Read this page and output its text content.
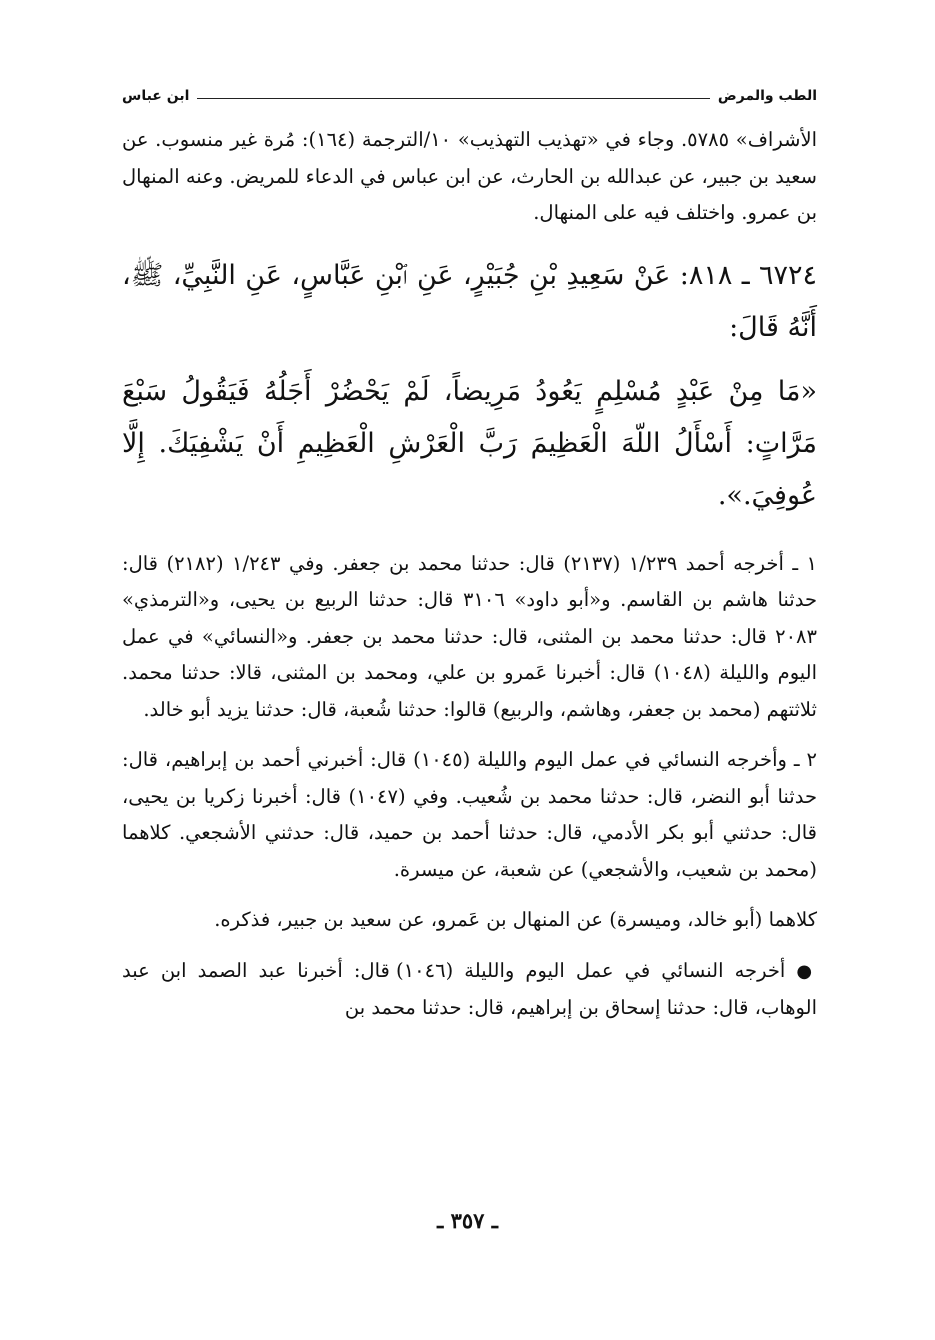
الطب والمرض
ابن عباس

الأشراف» ٥٧٨٥. وجاء في «تهذيب التهذيب» ١٠/الترجمة (١٦٤): مُرة غير منسوب. عن سعيد بن جبير، عن عبدالله بن الحارث، عن ابن عباس في الدعاء للمريض. وعنه المنهال بن عمرو. واختلف فيه على المنهال.

٦٧٢٤ ـ ٨١٨: عَنْ سَعِيدِ بْنِ جُبَيْرٍ، عَنِ ٱبْنِ عَبَّاسٍ، عَنِ النَّبِيِّ، ﷺ، أَنَّهُ قَالَ:

«مَا مِنْ عَبْدٍ مُسْلِمٍ يَعُودُ مَرِيضاً، لَمْ يَحْضُرْ أَجَلُهُ فَيَقُولُ سَبْعَ مَرَّاتٍ: أَسْأَلُ اللّهَ الْعَظِيمَ رَبَّ الْعَرْشِ الْعَظِيمِ أَنْ يَشْفِيَكَ. إِلَّا عُوفِيَ.».

١ ـ أخرجه أحمد ١/٢٣٩ (٢١٣٧) قال: حدثنا محمد بن جعفر. وفي ١/٢٤٣ (٢١٨٢) قال: حدثنا هاشم بن القاسم. و«أبو داود» ٣١٠٦ قال: حدثنا الربيع بن يحيى، و«الترمذي» ٢٠٨٣ قال: حدثنا محمد بن المثنى، قال: حدثنا محمد بن جعفر. و«النسائي» في عمل اليوم والليلة (١٠٤٨) قال: أخبرنا عَمرو بن علي، ومحمد بن المثنى، قالا: حدثنا محمد. ثلاثتهم (محمد بن جعفر، وهاشم، والربيع) قالوا: حدثنا شُعبة، قال: حدثنا يزيد أبو خالد.

٢ ـ وأخرجه النسائي في عمل اليوم والليلة (١٠٤٥) قال: أخبرني أحمد بن إبراهيم، قال: حدثنا أبو النضر، قال: حدثنا محمد بن شُعيب. وفي (١٠٤٧) قال: أخبرنا زكريا بن يحيى، قال: حدثني أبو بكر الأدمي، قال: حدثنا أحمد بن حميد، قال: حدثني الأشجعي. كلاهما (محمد بن شعيب، والأشجعي) عن شعبة، عن ميسرة.

كلاهما (أبو خالد، وميسرة) عن المنهال بن عَمرو، عن سعيد بن جبير، فذكره.

● أخرجه النسائي في عمل اليوم والليلة (١٠٤٦) قال: أخبرنا عبد الصمد ابن عبد الوهاب، قال: حدثنا إسحاق بن إبراهيم، قال: حدثنا محمد بن

ـ ٣٥٧ ـ
